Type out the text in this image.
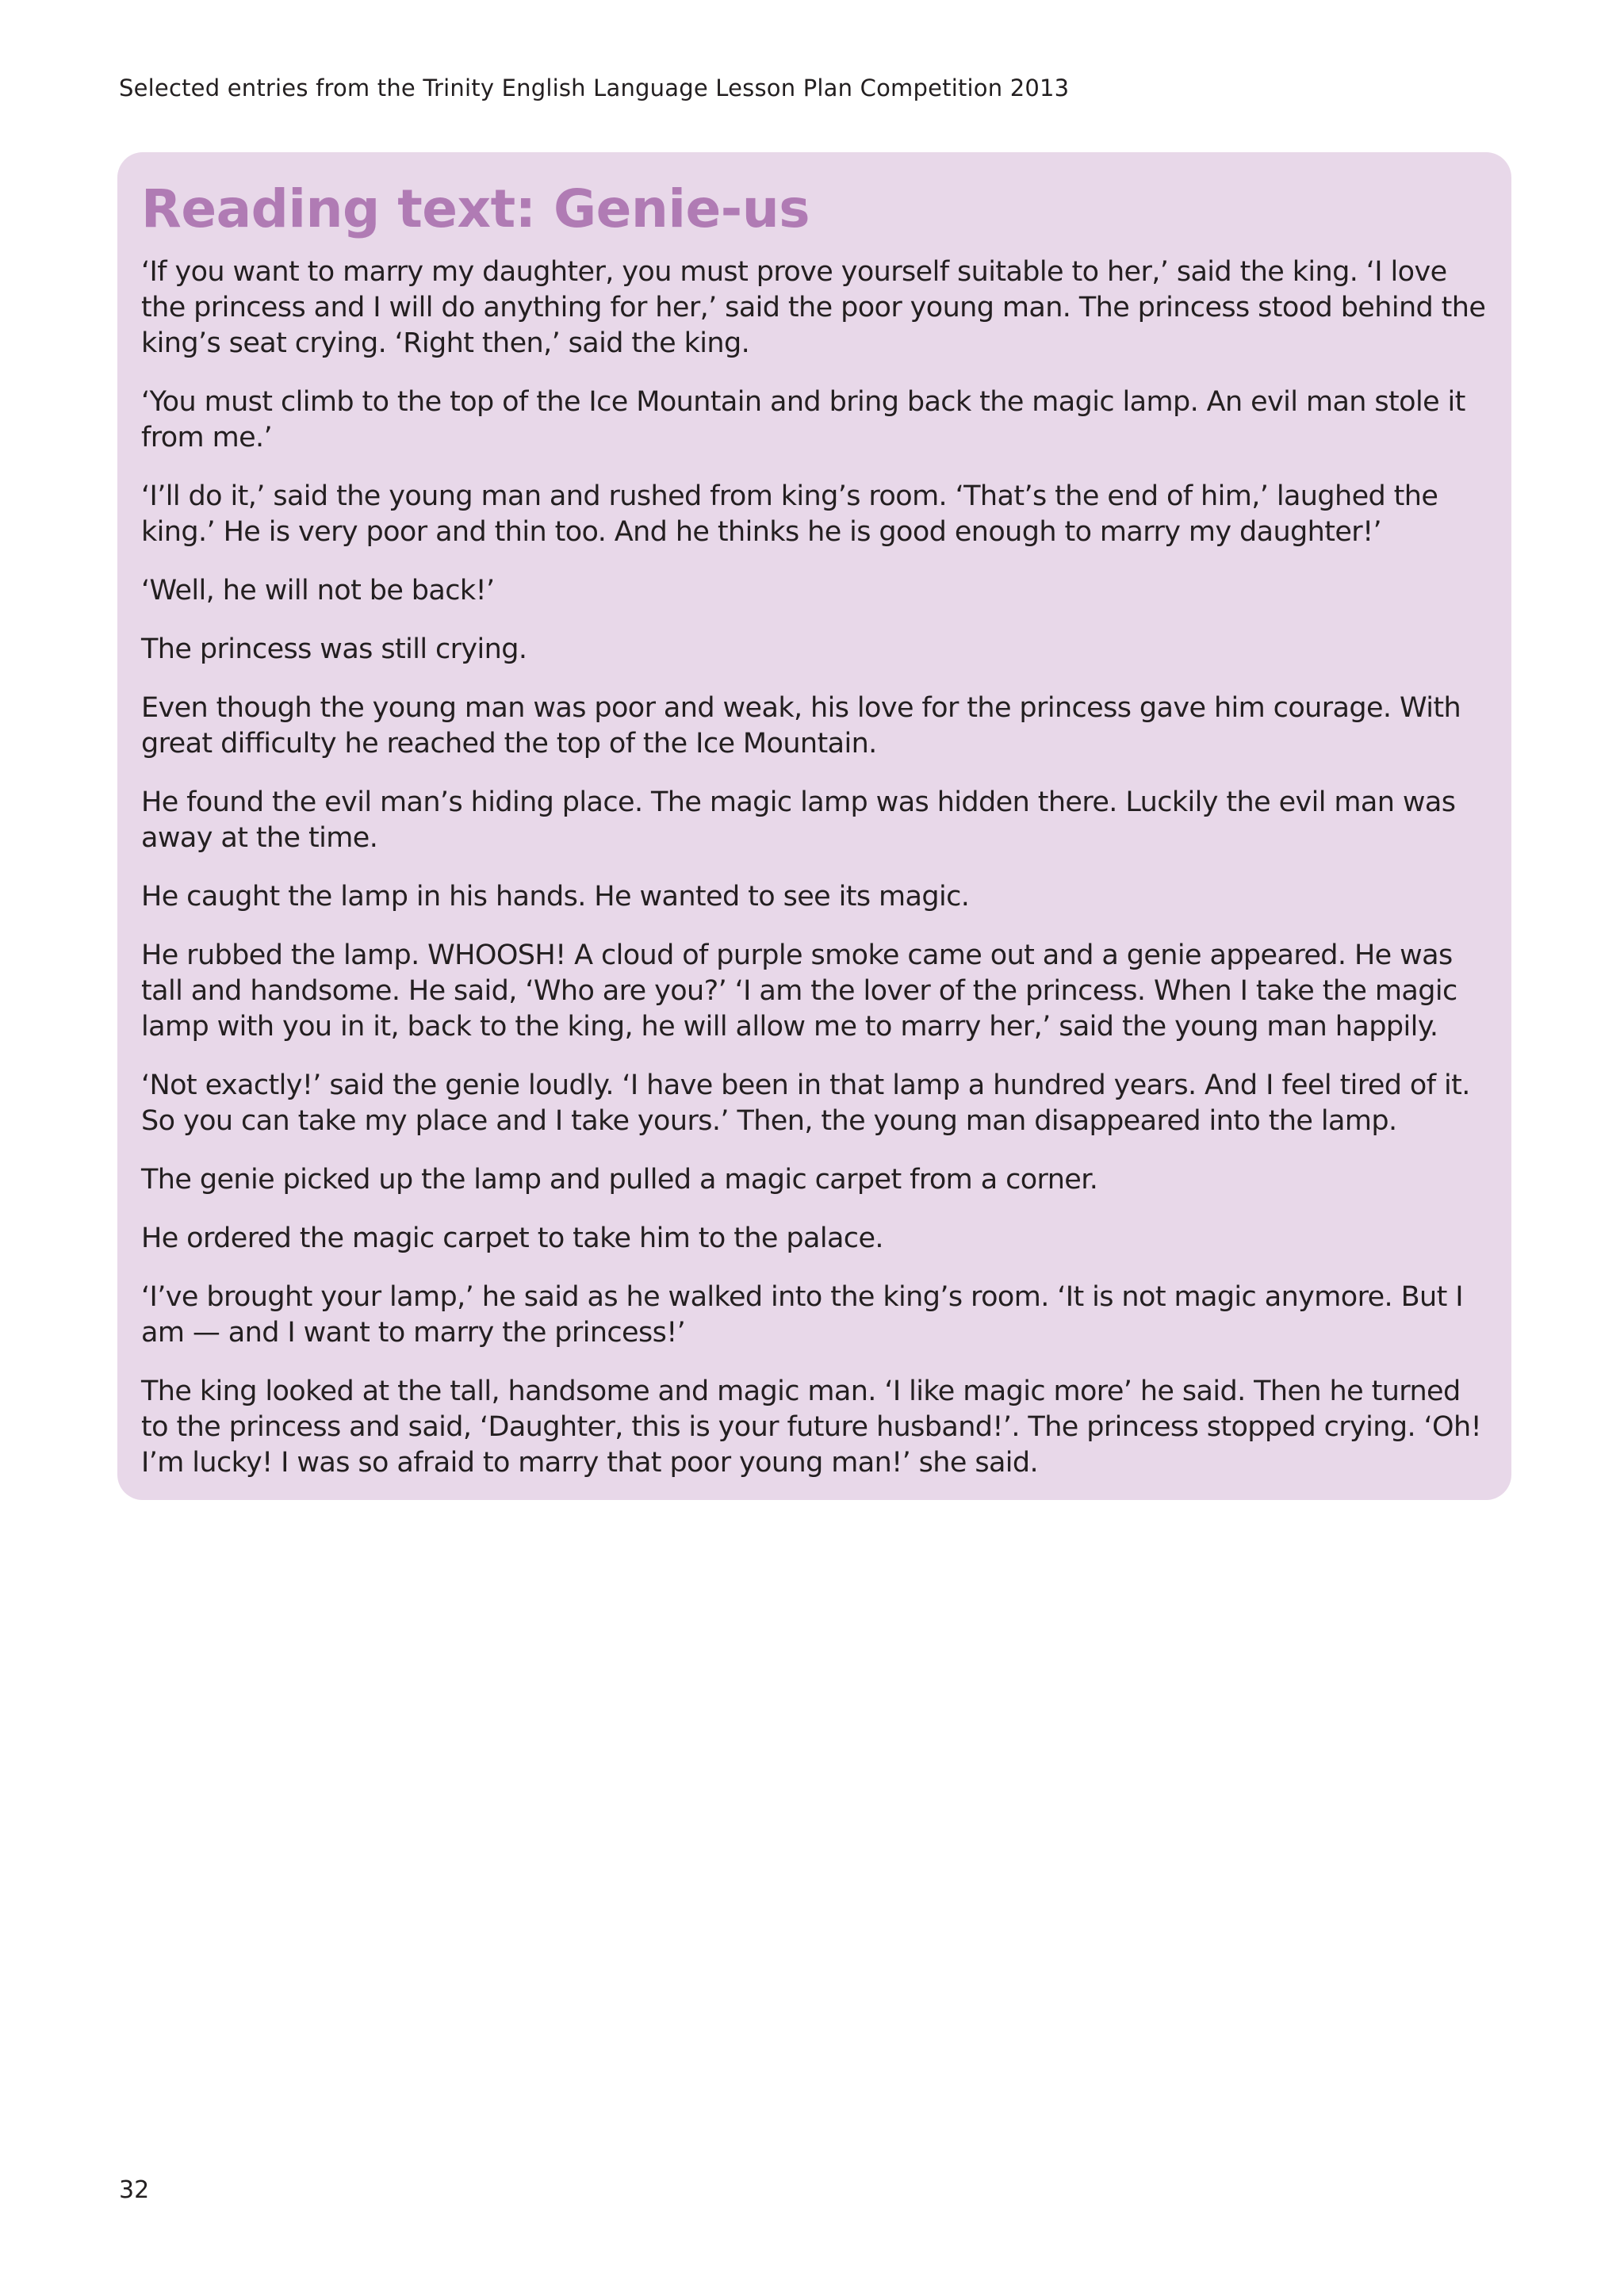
Selected entries from the Trinity English Language Lesson Plan Competition 2013
Reading text: Genie-us

‘If you want to marry my daughter, you must prove yourself suitable to her,’ said the king. ‘I love the princess and I will do anything for her,’ said the poor young man. The princess stood behind the king’s seat crying. ‘Right then,’ said the king.

‘You must climb to the top of the Ice Mountain and bring back the magic lamp. An evil man stole it from me.’

‘I’ll do it,’ said the young man and rushed from king’s room. ‘That’s the end of him,’ laughed the king.’ He is very poor and thin too. And he thinks he is good enough to marry my daughter!’

‘Well, he will not be back!’

The princess was still crying.

Even though the young man was poor and weak, his love for the princess gave him courage. With great difficulty he reached the top of the Ice Mountain.

He found the evil man’s hiding place. The magic lamp was hidden there. Luckily the evil man was away at the time.

He caught the lamp in his hands. He wanted to see its magic.

He rubbed the lamp. WHOOSH! A cloud of purple smoke came out and a genie appeared. He was tall and handsome. He said, ‘Who are you?’ ‘I am the lover of the princess. When I take the magic lamp with you in it, back to the king, he will allow me to marry her,’ said the young man happily.

‘Not exactly!’ said the genie loudly. ‘I have been in that lamp a hundred years. And I feel tired of it. So you can take my place and I take yours.’ Then, the young man disappeared into the lamp.

The genie picked up the lamp and pulled a magic carpet from a corner.

He ordered the magic carpet to take him to the palace.

‘I’ve brought your lamp,’ he said as he walked into the king’s room. ‘It is not magic anymore. But I am — and I want to marry the princess!’

The king looked at the tall, handsome and magic man. ‘I like magic more’ he said. Then he turned to the princess and said, ‘Daughter, this is your future husband!’. The princess stopped crying. ‘Oh! I’m lucky! I was so afraid to marry that poor young man!’ she said.

32
